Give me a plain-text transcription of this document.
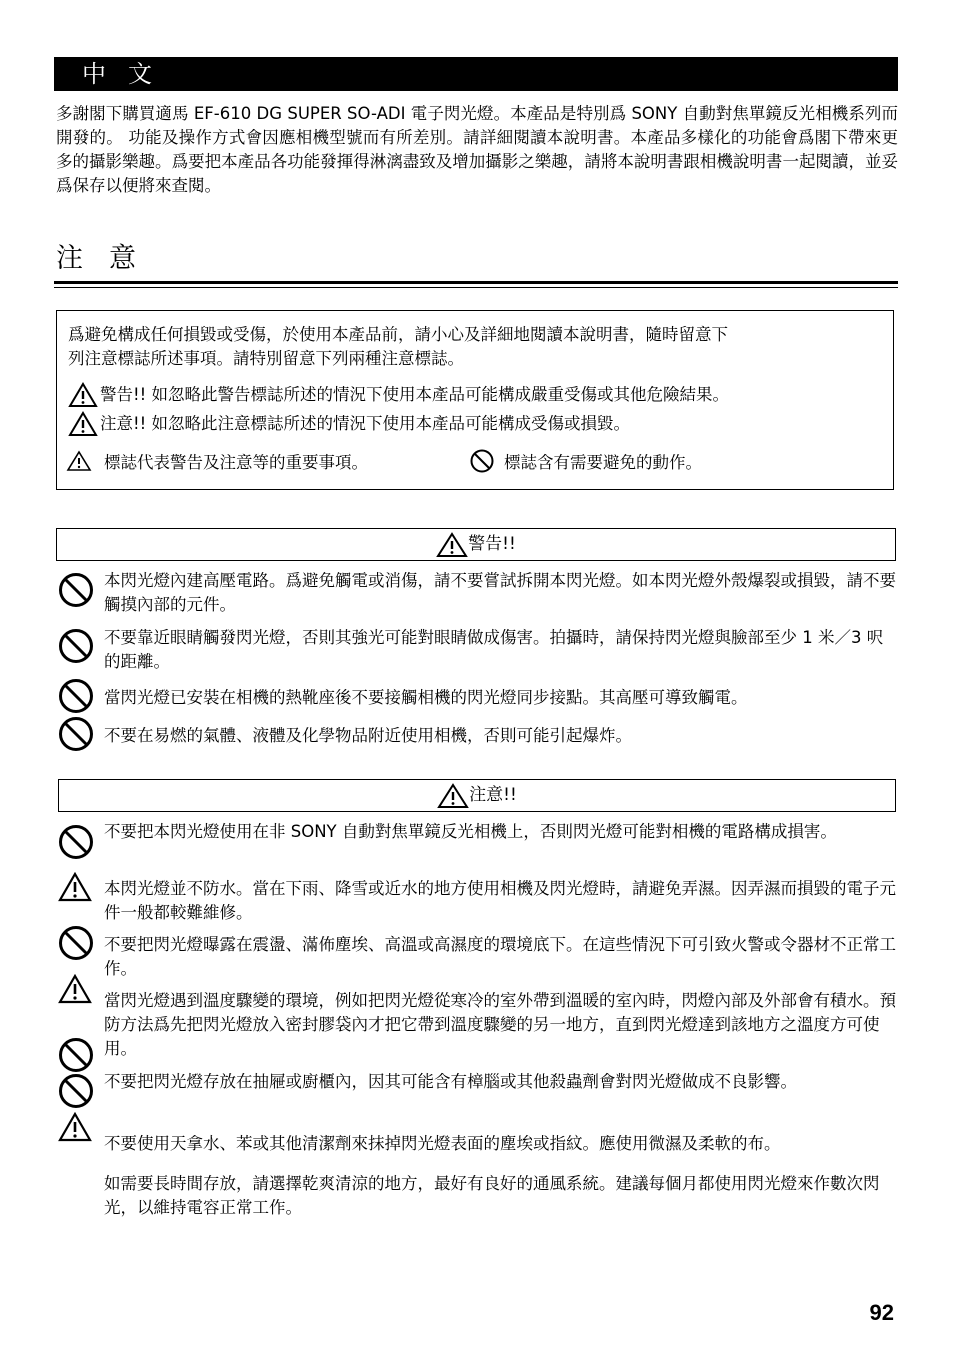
中文
多謝閣下購買適馬 EF-610 DG SUPER SO-ADI 電子閃光燈。本產品是特別爲 SONY 自動對焦單鏡反光相機系列而開發的。 功能及操作方式會因應相機型號而有所差別。請詳細閱讀本說明書。本產品多樣化的功能會爲閣下帶來更多的攝影樂趣。爲要把本產品各功能發揮得淋漓盡致及增加攝影之樂趣，請將本說明書跟相機說明書一起閱讀，並妥爲保存以便將來查閱。
注意
爲避免構成任何損毀或受傷，於使用本產品前，請小心及詳細地閱讀本說明書，隨時留意下
列注意標誌所述事項。請特別留意下列兩種注意標誌。
警告!! 如忽略此警告標誌所述的情況下使用本產品可能構成嚴重受傷或其他危險結果。
注意!! 如忽略此注意標誌所述的情況下使用本產品可能構成受傷或損毀。
標誌代表警告及注意等的重要事項。	標誌含有需要避免的動作。
警告!!
本閃光燈內建高壓電路。爲避免觸電或消傷，請不要嘗試拆開本閃光燈。如本閃光燈外殼爆裂或損毀，請不要觸摸內部的元件。
不要靠近眼睛觸發閃光燈，否則其強光可能對眼睛做成傷害。拍攝時，請保持閃光燈與臉部至少 1 米／3 呎的距離。
當閃光燈已安裝在相機的熱靴座後不要接觸相機的閃光燈同步接點。其高壓可導致觸電。
不要在易燃的氣體、液體及化學物品附近使用相機，否則可能引起爆炸。
注意!!
不要把本閃光燈使用在非 SONY 自動對焦單鏡反光相機上，否則閃光燈可能對相機的電路構成損害。
本閃光燈並不防水。當在下雨、降雪或近水的地方使用相機及閃光燈時，請避免弄濕。因弄濕而損毀的電子元件一般都較難維修。
不要把閃光燈曝露在震盪、滿佈塵埃、高溫或高濕度的環境底下。在這些情況下可引致火警或令器材不正常工作。
當閃光燈遇到溫度驟變的環境，例如把閃光燈從寒冷的室外帶到溫暖的室內時，閃燈內部及外部會有積水。預防方法爲先把閃光燈放入密封膠袋內才把它帶到溫度驟變的另一地方，直到閃光燈達到該地方之溫度方可使用。
不要把閃光燈存放在抽屜或廚櫃內，因其可能含有樟腦或其他殺蟲劑會對閃光燈做成不良影響。
不要使用天拿水、苯或其他清潔劑來抹掉閃光燈表面的塵埃或指紋。應使用微濕及柔軟的布。
如需要長時間存放，請選擇乾爽清涼的地方，最好有良好的通風系統。建議每個月都使用閃光燈來作數次閃光，以維持電容正常工作。
92
